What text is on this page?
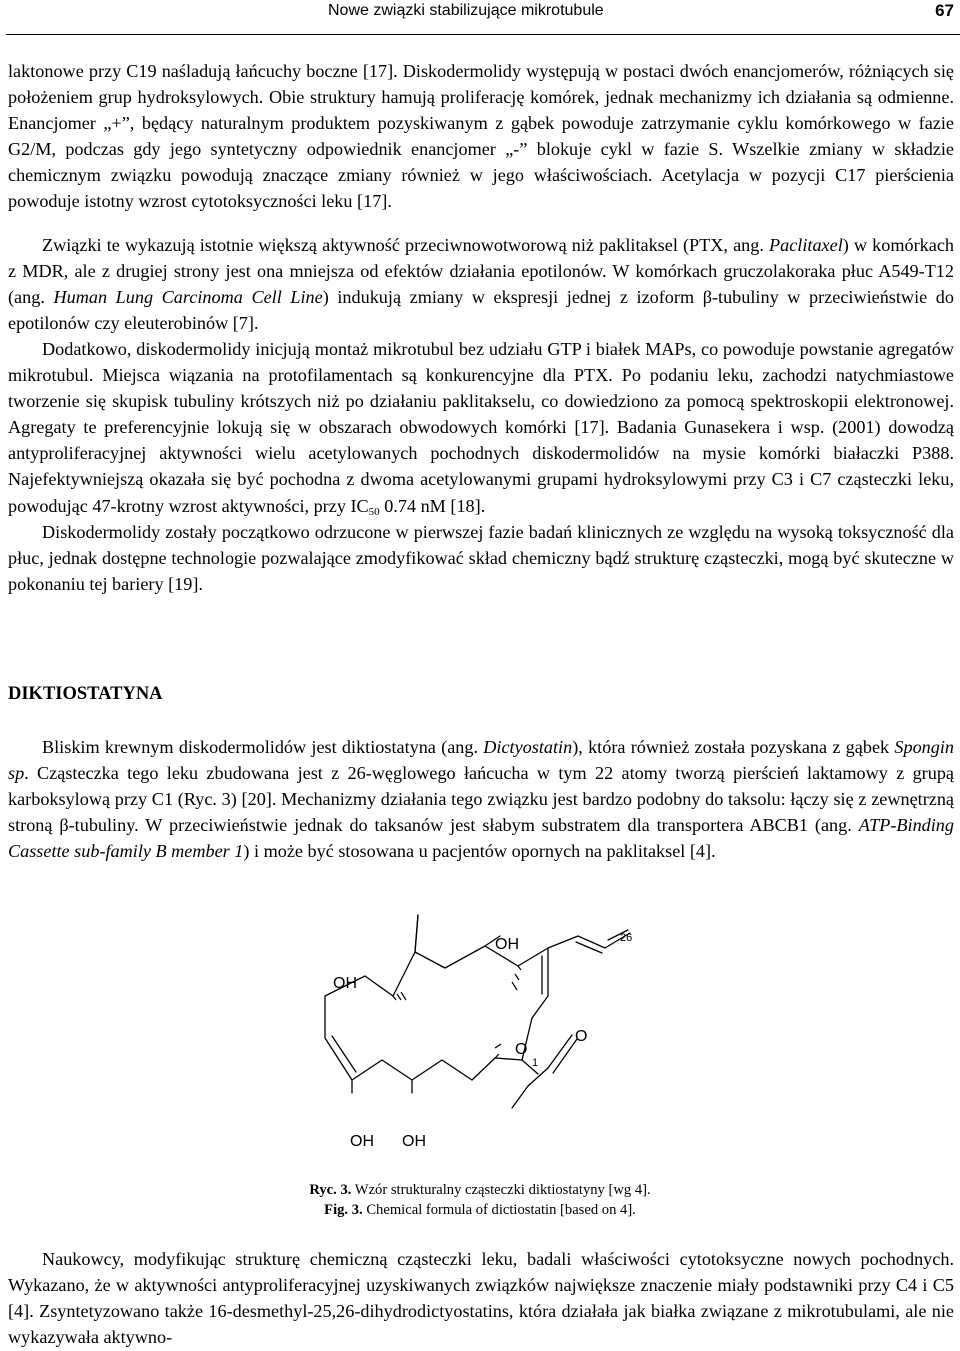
Nowe związki stabilizujące mikrotubule	67

laktonowe przy C19 naśladują łańcuchy boczne [17]. Diskodermolidy występują w postaci dwóch enancjomerów, różniących się położeniem grup hydroksylowych. Obie struktury hamują proliferację komórek, jednak mechanizmy ich działania są odmienne. Enancjomer „+”, będący naturalnym produktem pozyskiwanym z gąbek powoduje zatrzymanie cyklu komórkowego w fazie G2/M, podczas gdy jego syntetyczny odpowiednik enancjomer „-” blokuje cykl w fazie S. Wszelkie zmiany w składzie chemicznym związku powodują znaczące zmiany również w jego właściwościach. Acetylacja w pozycji C17 pierścienia powoduje istotny wzrost cytotoksyczności leku [17].

Związki te wykazują istotnie większą aktywność przeciwnowotworową niż paklitaksel (PTX, ang. Paclitaxel) w komórkach z MDR, ale z drugiej strony jest ona mniejsza od efektów działania epotilonów. W komórkach gruczolakoraka płuc A549-T12 (ang. Human Lung Carcinoma Cell Line) indukują zmiany w ekspresji jednej z izoform β-tubuliny w przeciwieństwie do epotilonów czy eleuterobinów [7].

Dodatkowo, diskodermolidy inicjują montaż mikrotubul bez udziału GTP i białek MAPs, co powoduje powstanie agregatów mikrotubul. Miejsca wiązania na protofilamentach są konkurencyjne dla PTX. Po podaniu leku, zachodzi natychmiastowe tworzenie się skupisk tubuliny krótszych niż po działaniu paklitakselu, co dowiedziono za pomocą spektroskopii elektronowej. Agregaty te preferencyjnie lokują się w obszarach obwodowych komórki [17]. Badania Gunasekera i wsp. (2001) dowodzą antyproliferacyjnej aktywności wielu acetylowanych pochodnych diskodermolidów na mysie komórki białaczki P388. Najefektywniejszą okazała się być pochodna z dwoma acetylowanymi grupami hydroksylowymi przy C3 i C7 cząsteczki leku, powodując 47-krotny wzrost aktywności, przy $IC_{50}$ 0.74 nM [18].

Diskodermolidy zostały początkowo odrzucone w pierwszej fazie badań klinicznych ze względu na wysoką toksyczność dla płuc, jednak dostępne technologie pozwalające zmodyfikować skład chemiczny bądź strukturę cząsteczki, mogą być skuteczne w pokonaniu tej bariery [19].

DIKTIOSTATYNA

Bliskim krewnym diskodermolidów jest diktiostatyna (ang. Dictyostatin), która również została pozyskana z gąbek Spongin sp. Cząsteczka tego leku zbudowana jest z 26-węglowego łańcucha w tym 22 atomy tworzą pierścień laktamowy z grupą karboksylową przy C1 (Ryc. 3) [20]. Mechanizmy działania tego związku jest bardzo podobny do taksolu: łączy się z zewnętrzną stroną β-tubuliny. W przeciwieństwie jednak do taksanów jest słabym substratem dla transportera ABCB1 (ang. ATP-Binding Cassette sub-family B member 1) i może być stosowana u pacjentów opornych na paklitaksel [4].

OH	26
OH
O
O
1
OH OH
Ryc. 3. Wzór strukturalny cząsteczki diktiostatyny [wg 4].
Fig. 3. Chemical formula of dictiostatin [based on 4].

Naukowcy, modyfikując strukturę chemiczną cząsteczki leku, badali właściwości cytotoksyczne nowych pochodnych. Wykazano, że w aktywności antyproliferacyjnej uzyskiwanych związków największe znaczenie miały podstawniki przy C4 i C5 [4]. Zsyntetyzowano także 16-desmethyl-25,26-dihydrodictyostatins, która działała jak białka związane z mikrotubulami, ale nie wykazywała aktywno-
